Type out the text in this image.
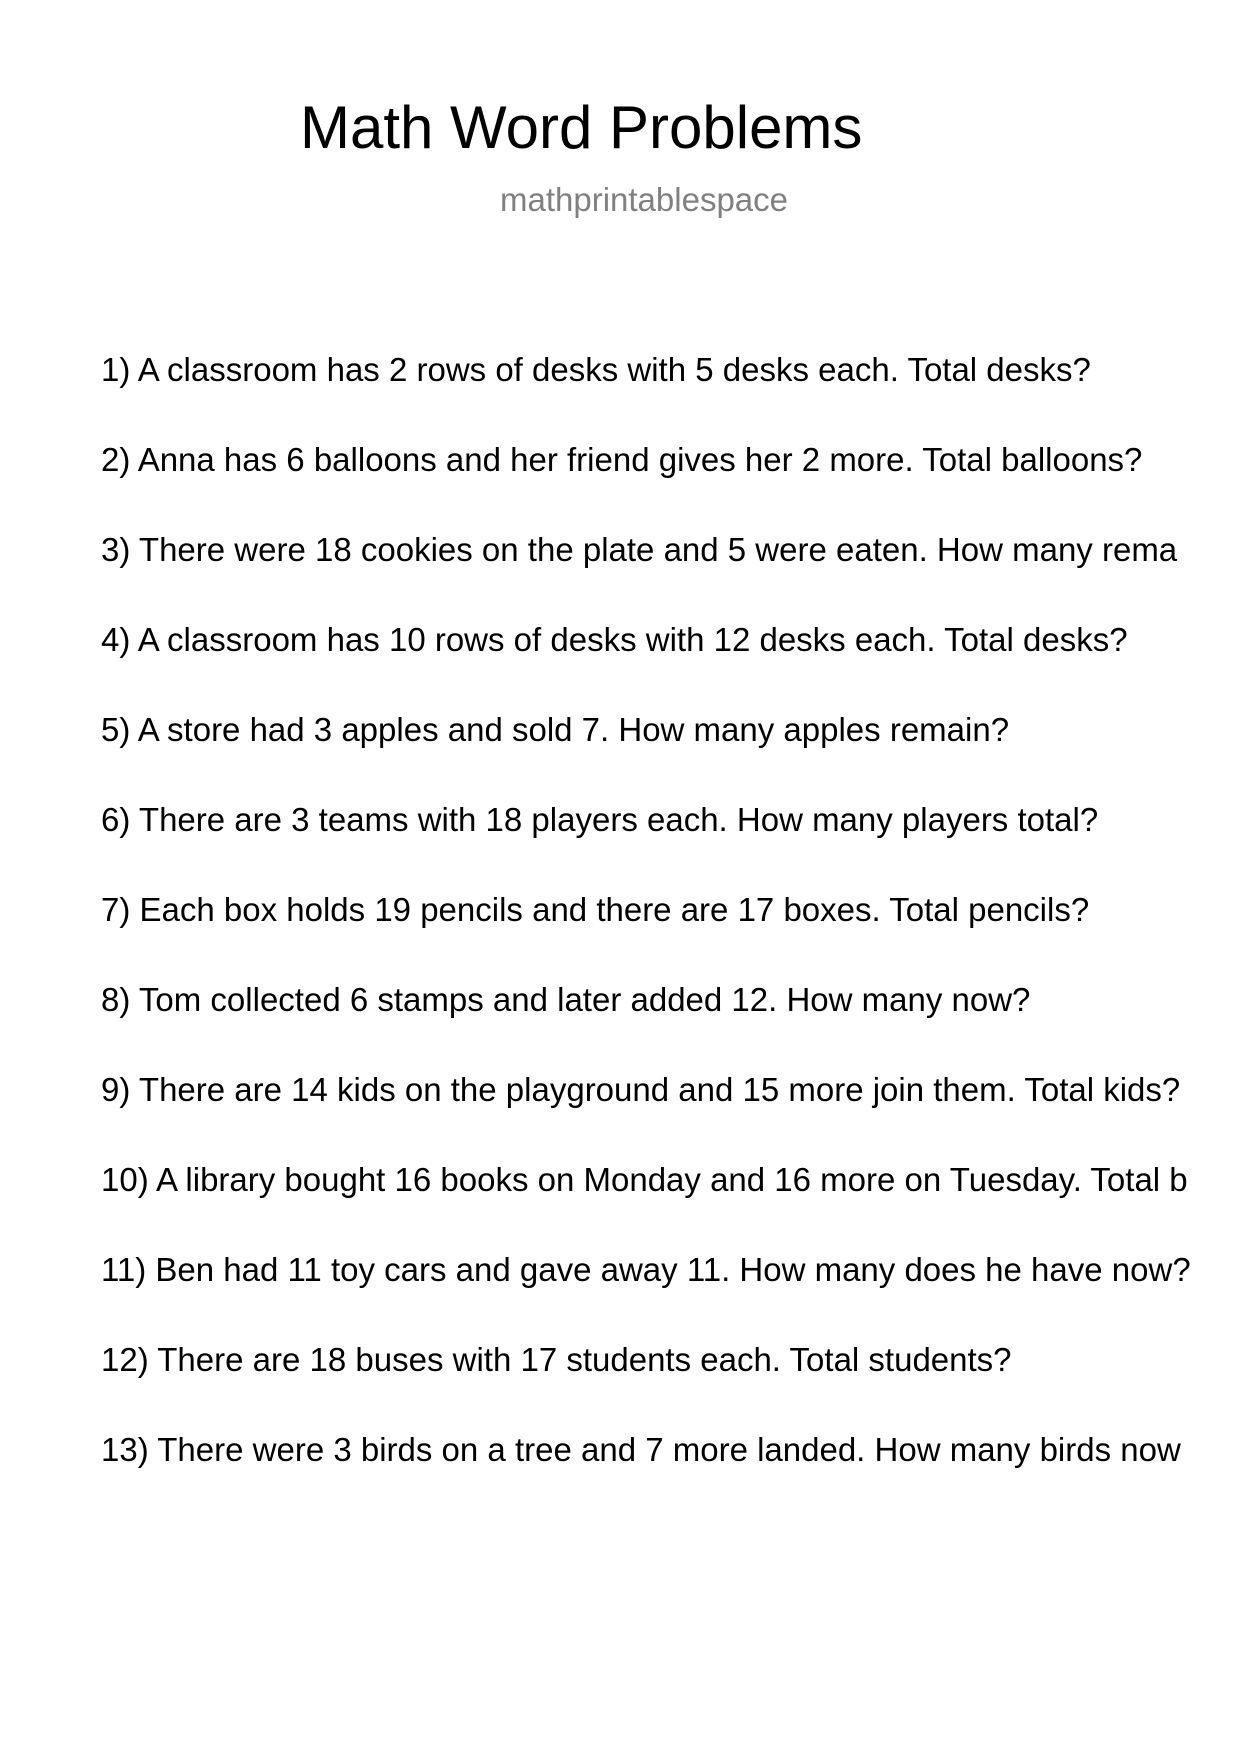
Math Word Problems
mathprintablespace
1) A classroom has 2 rows of desks with 5 desks each. Total desks?
2) Anna has 6 balloons and her friend gives her 2 more. Total balloons?
3) There were 18 cookies on the plate and 5 were eaten. How many rema
4) A classroom has 10 rows of desks with 12 desks each. Total desks?
5) A store had 3 apples and sold 7. How many apples remain?
6) There are 3 teams with 18 players each. How many players total?
7) Each box holds 19 pencils and there are 17 boxes. Total pencils?
8) Tom collected 6 stamps and later added 12. How many now?
9) There are 14 kids on the playground and 15 more join them. Total kids?
10) A library bought 16 books on Monday and 16 more on Tuesday. Total b
11) Ben had 11 toy cars and gave away 11. How many does he have now?
12) There are 18 buses with 17 students each. Total students?
13) There were 3 birds on a tree and 7 more landed. How many birds now
